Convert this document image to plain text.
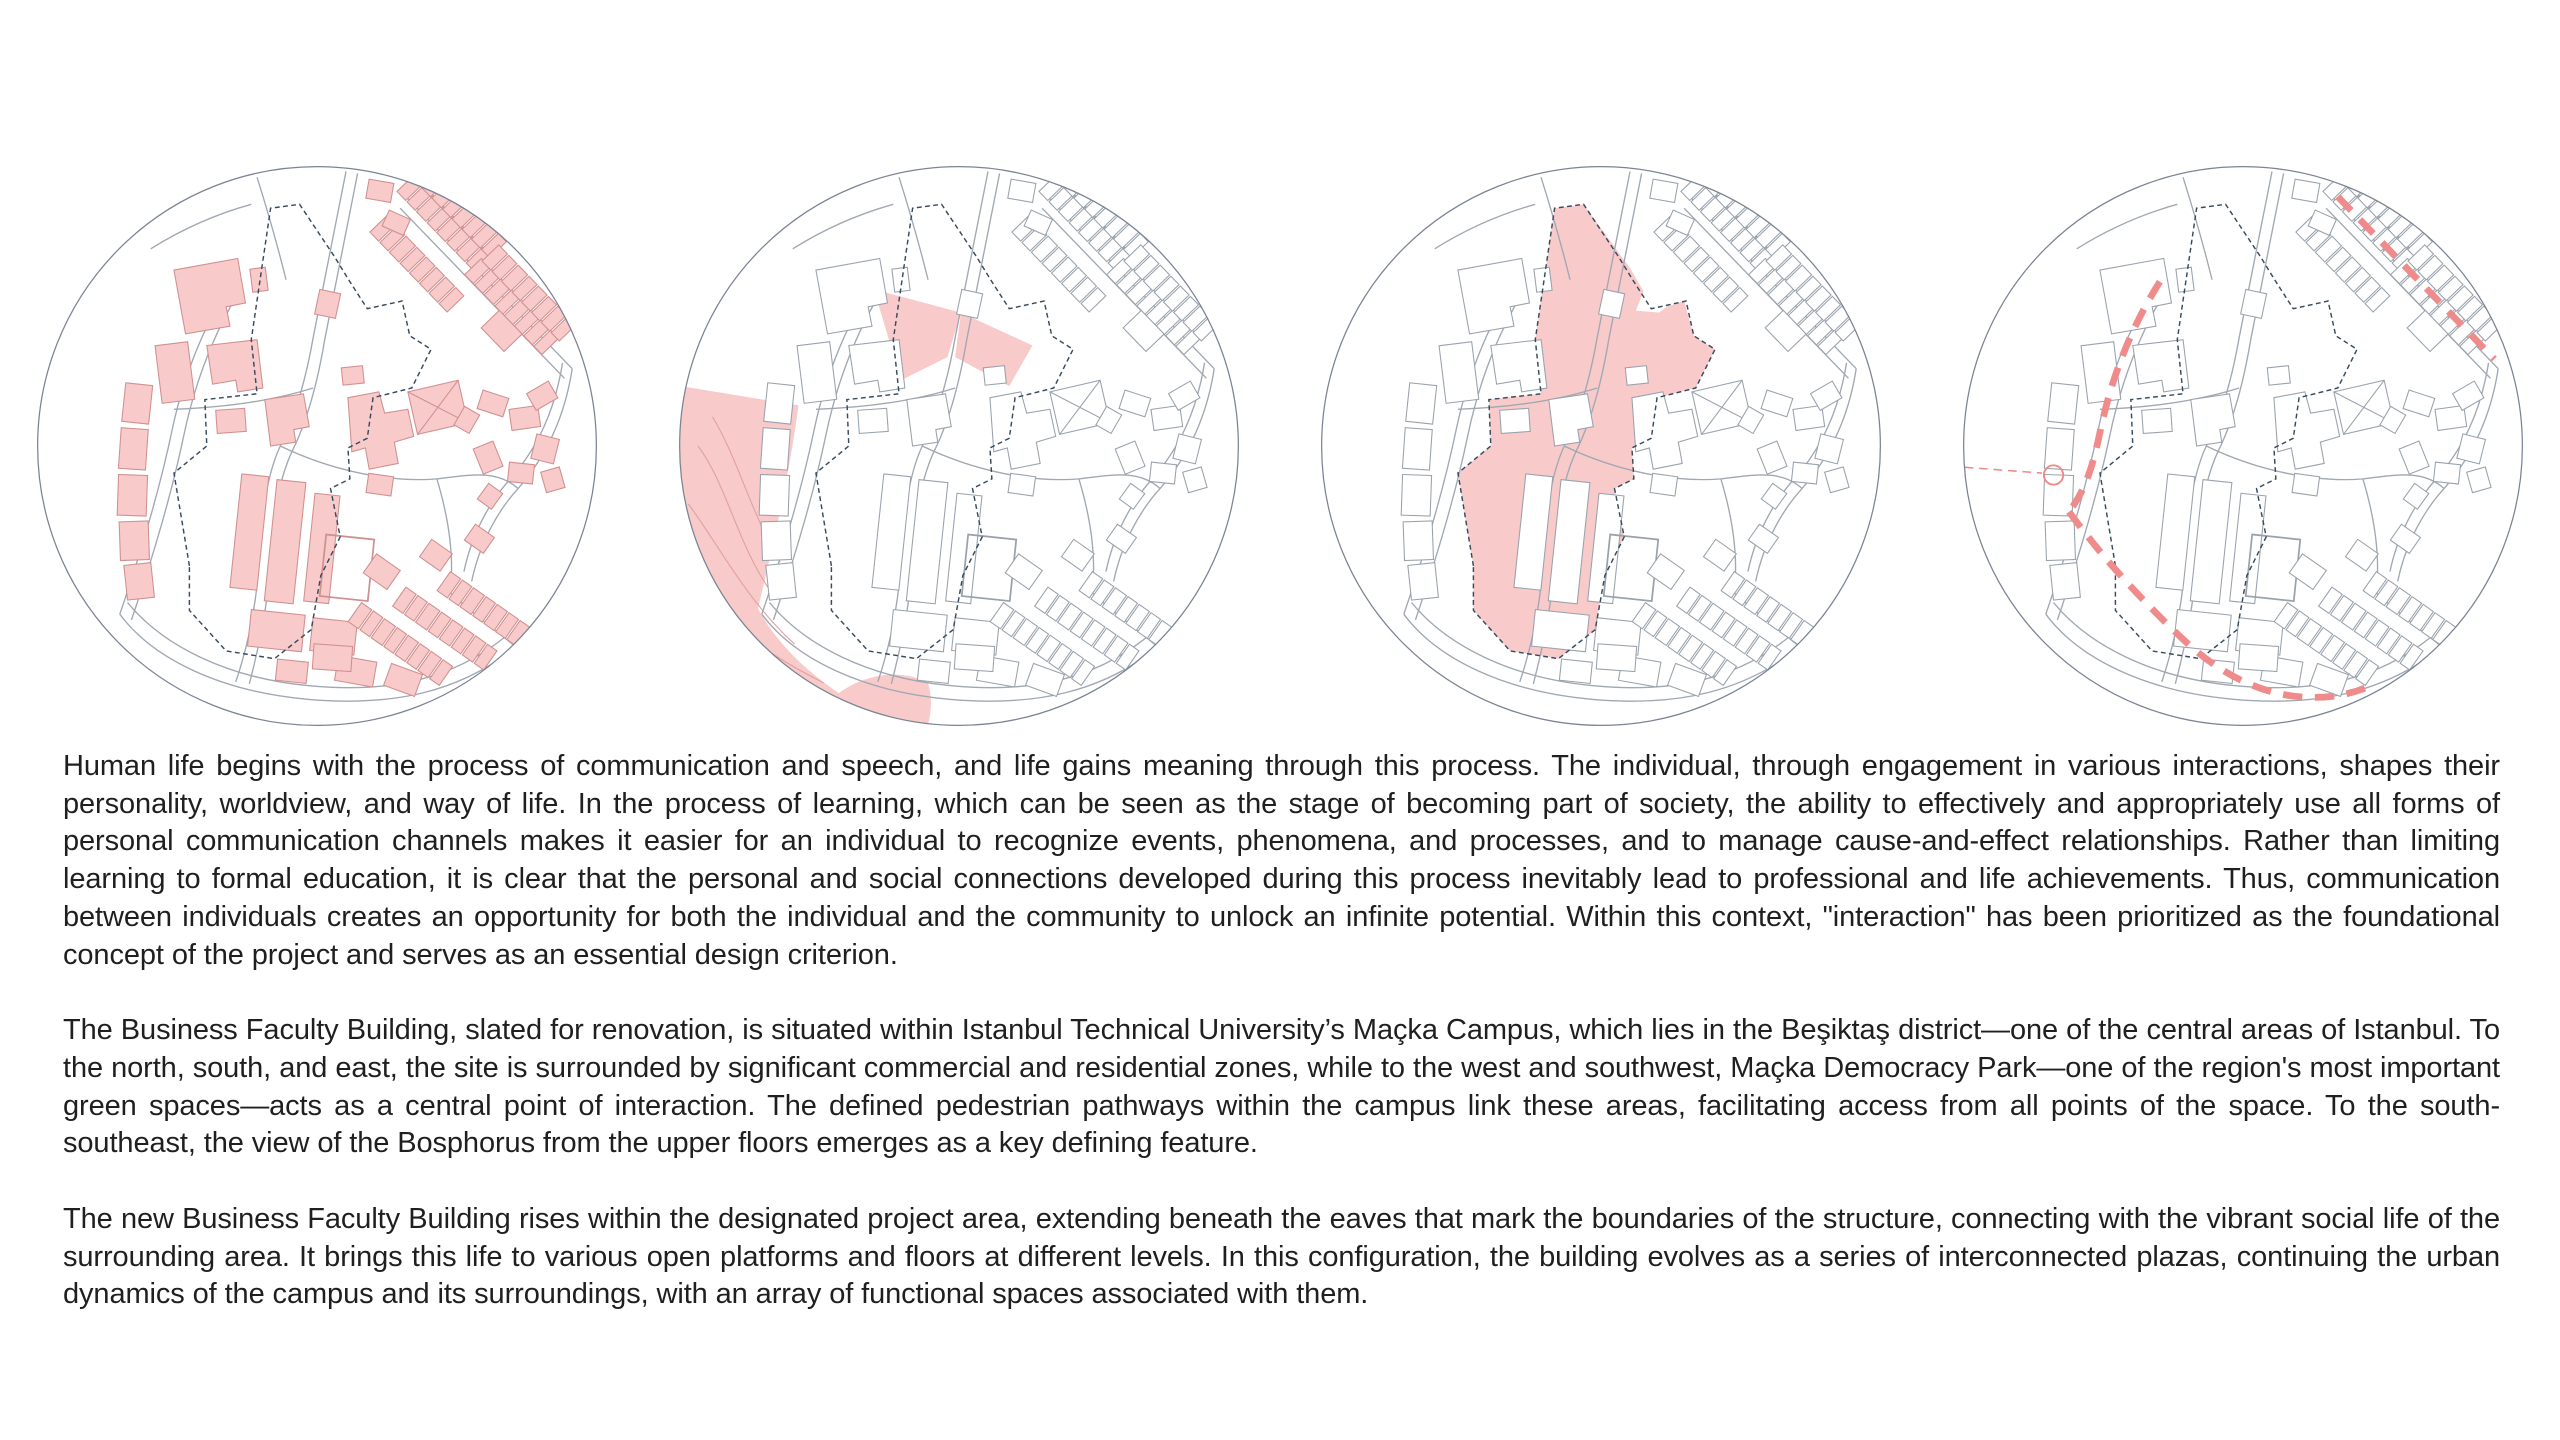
Human life begins with the process of communication and speech, and life gains meaning through this process. The individual, through engagement in various interactions, shapes their personality, worldview, and way of life. In the process of learning, which can be seen as the stage of becoming part of society, the ability to effectively and appropriately use all forms of personal communication channels makes it easier for an individual to recognize events, phenomena, and processes, and to manage cause-and-effect relationships. Rather than limiting learning to formal education, it is clear that the personal and social connections developed during this process inevitably lead to professional and life achievements. Thus, communication between individuals creates an opportunity for both the individual and the community to unlock an infinite potential. Within this context, "interaction" has been prioritized as the foundational concept of the project and serves as an essential design criterion.

The Business Faculty Building, slated for renovation, is situated within Istanbul Technical University’s Maçka Campus, which lies in the Beşiktaş district—one of the central areas of Istanbul. To the north, south, and east, the site is surrounded by significant commercial and residential zones, while to the west and southwest, Maçka Democracy Park—one of the region's most important green spaces—acts as a central point of interaction. The defined pedestrian pathways within the campus link these areas, facilitating access from all points of the space. To the south-southeast, the view of the Bosphorus from the upper floors emerges as a key defining feature.

The new Business Faculty Building rises within the designated project area, extending beneath the eaves that mark the boundaries of the structure, connecting with the vibrant social life of the surrounding area. It brings this life to various open platforms and floors at different levels. In this configuration, the building evolves as a series of interconnected plazas, continuing the urban dynamics of the campus and its surroundings, with an array of functional spaces associated with them.
